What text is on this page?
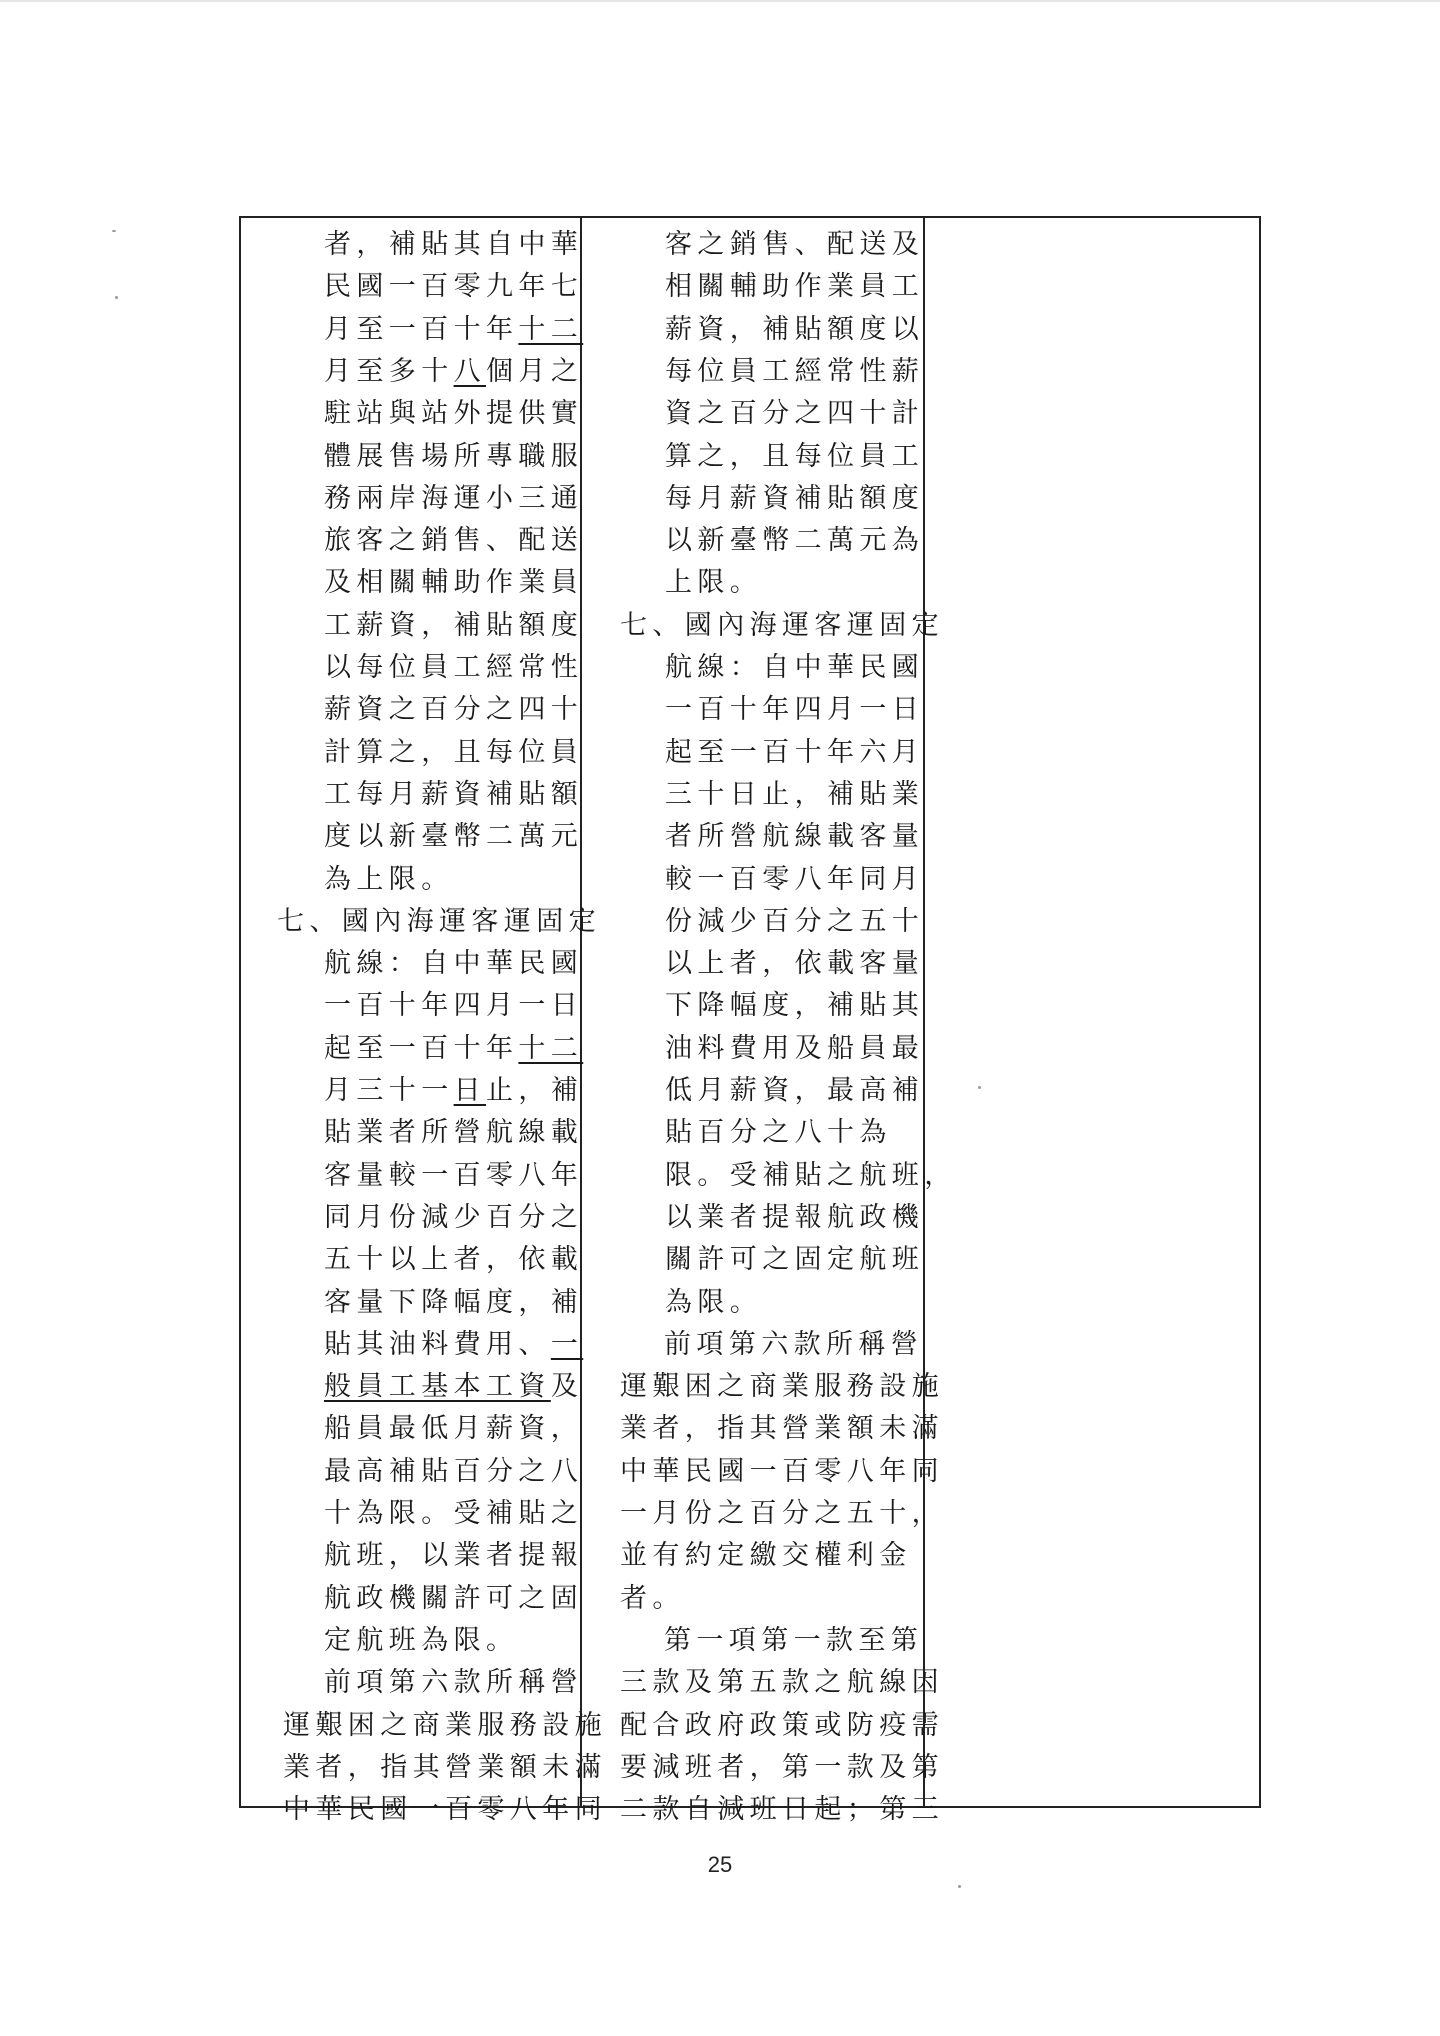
者，補貼其自中華
民國一百零九年七
月至一百十年十二
月至多十八個月之
駐站與站外提供實
體展售場所專職服
務兩岸海運小三通
旅客之銷售、配送
及相關輔助作業員
工薪資，補貼額度
以每位員工經常性
薪資之百分之四十
計算之，且每位員
工每月薪資補貼額
度以新臺幣二萬元
為上限。
七、國內海運客運固定
航線：自中華民國
一百十年四月一日
起至一百十年十二
月三十一日止，補
貼業者所營航線載
客量較一百零八年
同月份減少百分之
五十以上者，依載
客量下降幅度，補
貼其油料費用、一
般員工基本工資及
船員最低月薪資，
最高補貼百分之八
十為限。受補貼之
航班，以業者提報
航政機關許可之固
定航班為限。
前項第六款所稱營
運艱困之商業服務設施
業者，指其營業額未滿
中華民國一百零八年同
客之銷售、配送及
相關輔助作業員工
薪資，補貼額度以
每位員工經常性薪
資之百分之四十計
算之，且每位員工
每月薪資補貼額度
以新臺幣二萬元為
上限。
七、國內海運客運固定
航線：自中華民國
一百十年四月一日
起至一百十年六月
三十日止，補貼業
者所營航線載客量
較一百零八年同月
份減少百分之五十
以上者，依載客量
下降幅度，補貼其
油料費用及船員最
低月薪資，最高補
貼百分之八十為
限。受補貼之航班，
以業者提報航政機
關許可之固定航班
為限。
前項第六款所稱營
運艱困之商業服務設施
業者，指其營業額未滿
中華民國一百零八年同
一月份之百分之五十，
並有約定繳交權利金
者。
第一項第一款至第
三款及第五款之航線因
配合政府政策或防疫需
要減班者，第一款及第
二款自減班日起；第三
25
